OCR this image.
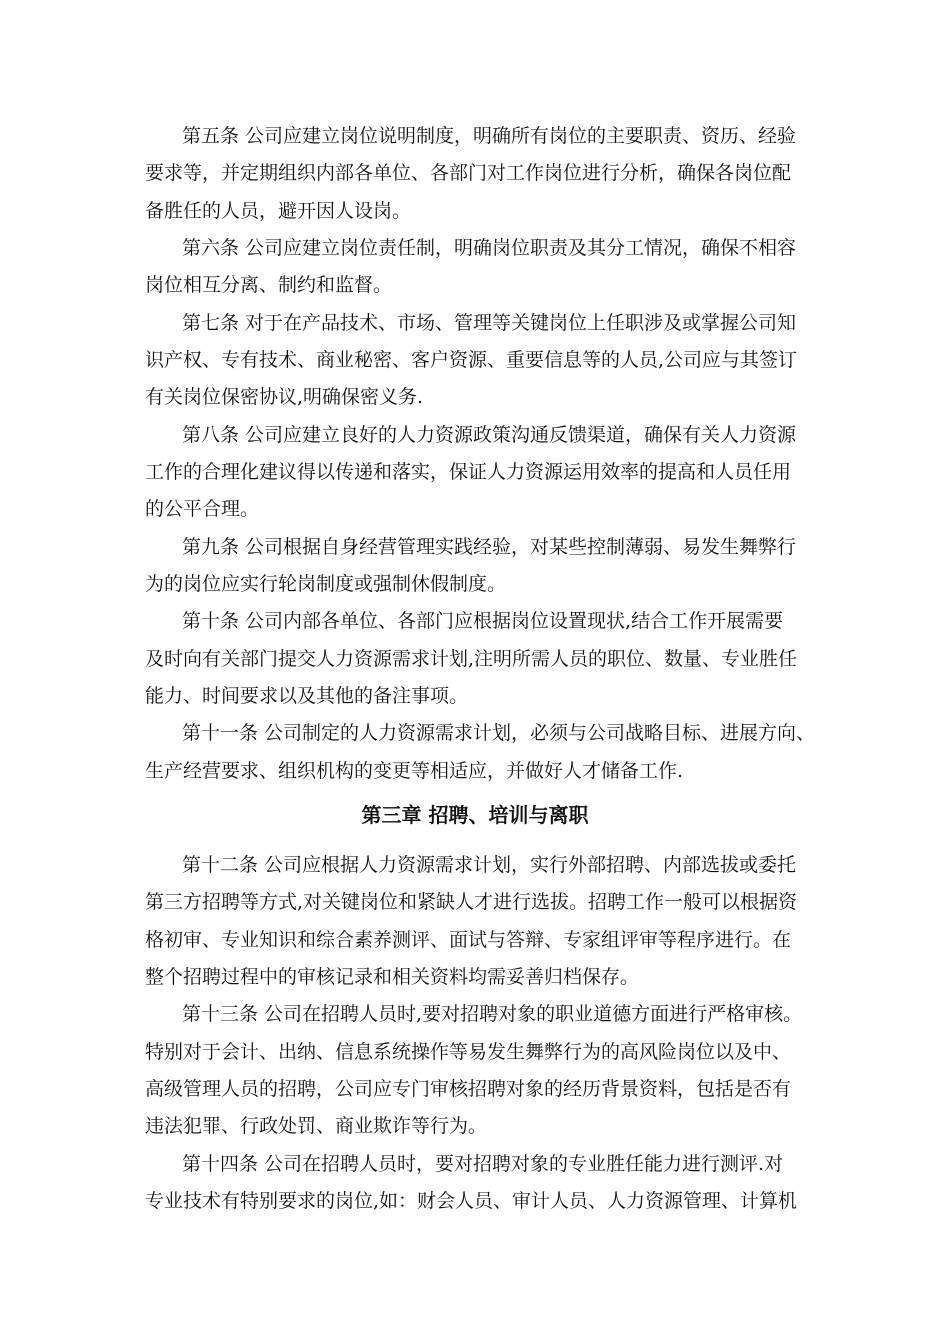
第五条 公司应建立岗位说明制度，明确所有岗位的主要职责、资历、经验
要求等，并定期组织内部各单位、各部门对工作岗位进行分析，确保各岗位配
备胜任的人员，避开因人设岗。
第六条 公司应建立岗位责任制，明确岗位职责及其分工情况，确保不相容
岗位相互分离、制约和监督。
第七条 对于在产品技术、市场、管理等关键岗位上任职涉及或掌握公司知
识产权、专有技术、商业秘密、客户资源、重要信息等的人员,公司应与其签订
有关岗位保密协议,明确保密义务.
第八条 公司应建立良好的人力资源政策沟通反馈渠道，确保有关人力资源
工作的合理化建议得以传递和落实，保证人力资源运用效率的提高和人员任用
的公平合理。
第九条 公司根据自身经营管理实践经验，对某些控制薄弱、易发生舞弊行
为的岗位应实行轮岗制度或强制休假制度。
第十条 公司内部各单位、各部门应根据岗位设置现状,结合工作开展需要
及时向有关部门提交人力资源需求计划,注明所需人员的职位、数量、专业胜任
能力、时间要求以及其他的备注事项。
第十一条 公司制定的人力资源需求计划，必须与公司战略目标、进展方向、
生产经营要求、组织机构的变更等相适应，并做好人才储备工作.
第三章 招聘、培训与离职
第十二条 公司应根据人力资源需求计划，实行外部招聘、内部选拔或委托
第三方招聘等方式,对关键岗位和紧缺人才进行选拔。招聘工作一般可以根据资
格初审、专业知识和综合素养测评、面试与答辩、专家组评审等程序进行。在
整个招聘过程中的审核记录和相关资料均需妥善归档保存。
第十三条 公司在招聘人员时,要对招聘对象的职业道德方面进行严格审核。
特别对于会计、出纳、信息系统操作等易发生舞弊行为的高风险岗位以及中、
高级管理人员的招聘，公司应专门审核招聘对象的经历背景资料，包括是否有
违法犯罪、行政处罚、商业欺诈等行为。
第十四条 公司在招聘人员时，要对招聘对象的专业胜任能力进行测评.对
专业技术有特别要求的岗位,如：财会人员、审计人员、人力资源管理、计算机
